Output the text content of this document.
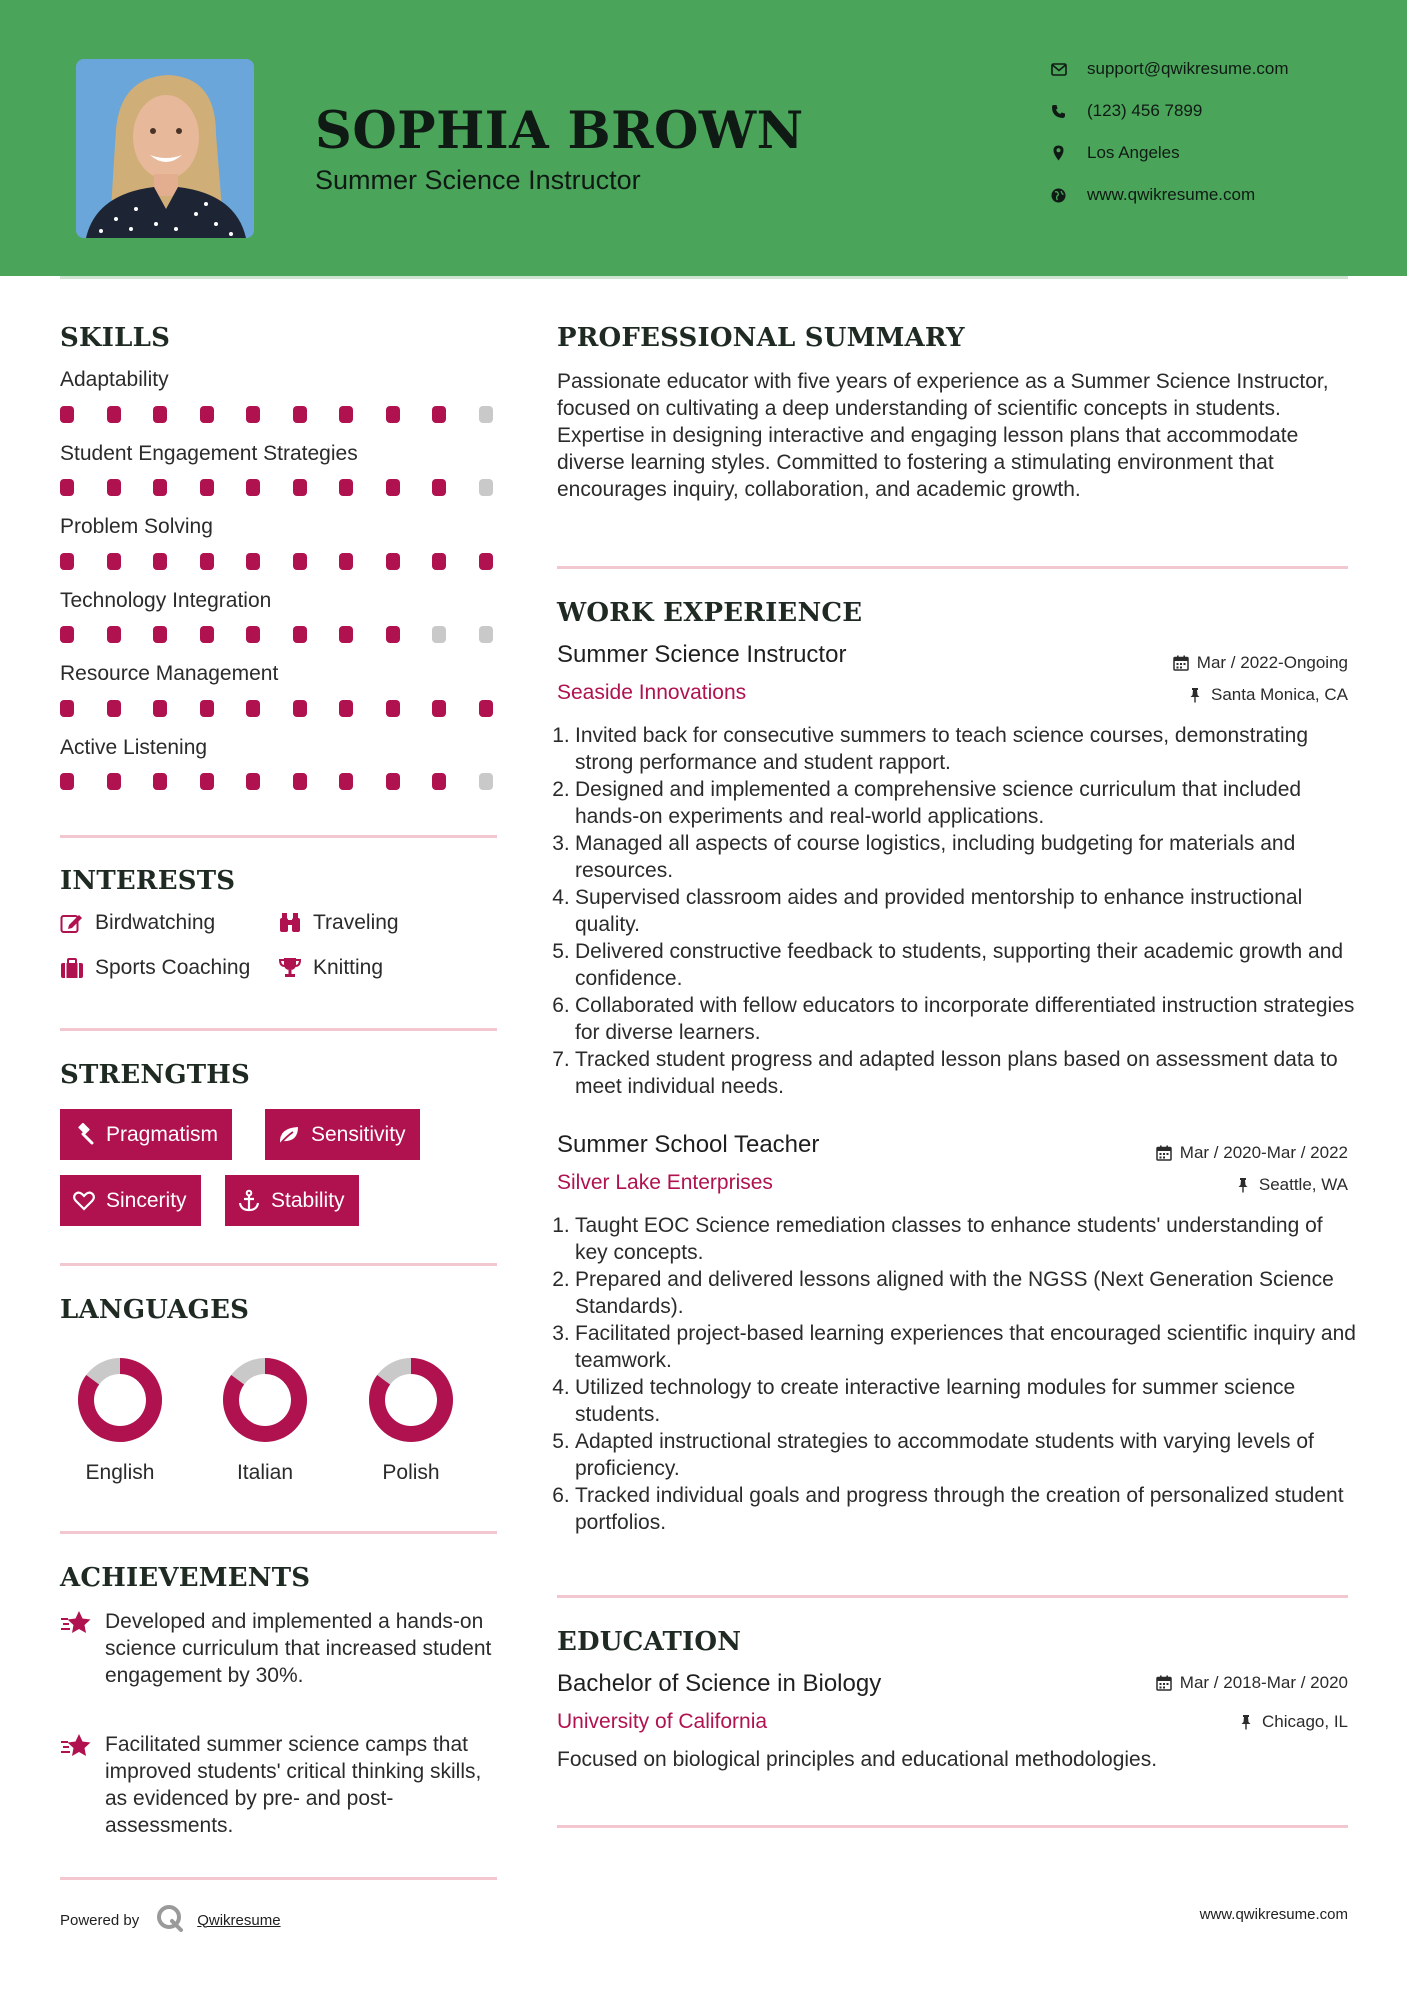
SOPHIA BROWN
Summer Science Instructor
support@qwikresume.com
(123) 456 7899
Los Angeles
www.qwikresume.com
SKILLS
Adaptability
Student Engagement Strategies
Problem Solving
Technology Integration
Resource Management
Active Listening
INTERESTS
Birdwatching	Traveling
Sports Coaching	Knitting
STRENGTHS
Pragmatism	Sensitivity
Sincerity	Stability
LANGUAGES
English	Italian	Polish
ACHIEVEMENTS
Developed and implemented a hands-on science curriculum that increased student engagement by 30%.
Facilitated summer science camps that improved students' critical thinking skills, as evidenced by pre- and post-assessments.
Powered by	Qwikresume	www.qwikresume.com
PROFESSIONAL SUMMARY
Passionate educator with five years of experience as a Summer Science Instructor, focused on cultivating a deep understanding of scientific concepts in students. Expertise in designing interactive and engaging lesson plans that accommodate diverse learning styles. Committed to fostering a stimulating environment that encourages inquiry, collaboration, and academic growth.
WORK EXPERIENCE
Summer Science Instructor	Mar / 2022-Ongoing
Seaside Innovations	Santa Monica, CA
Invited back for consecutive summers to teach science courses, demonstrating strong performance and student rapport.
Designed and implemented a comprehensive science curriculum that included hands-on experiments and real-world applications.
Managed all aspects of course logistics, including budgeting for materials and resources.
Supervised classroom aides and provided mentorship to enhance instructional quality.
Delivered constructive feedback to students, supporting their academic growth and confidence.
Collaborated with fellow educators to incorporate differentiated instruction strategies for diverse learners.
Tracked student progress and adapted lesson plans based on assessment data to meet individual needs.
Summer School Teacher	Mar / 2020-Mar / 2022
Silver Lake Enterprises	Seattle, WA
Taught EOC Science remediation classes to enhance students' understanding of key concepts.
Prepared and delivered lessons aligned with the NGSS (Next Generation Science Standards).
Facilitated project-based learning experiences that encouraged scientific inquiry and teamwork.
Utilized technology to create interactive learning modules for summer science students.
Adapted instructional strategies to accommodate students with varying levels of proficiency.
Tracked individual goals and progress through the creation of personalized student portfolios.
EDUCATION
Bachelor of Science in Biology	Mar / 2018-Mar / 2020
University of California	Chicago, IL
Focused on biological principles and educational methodologies.
